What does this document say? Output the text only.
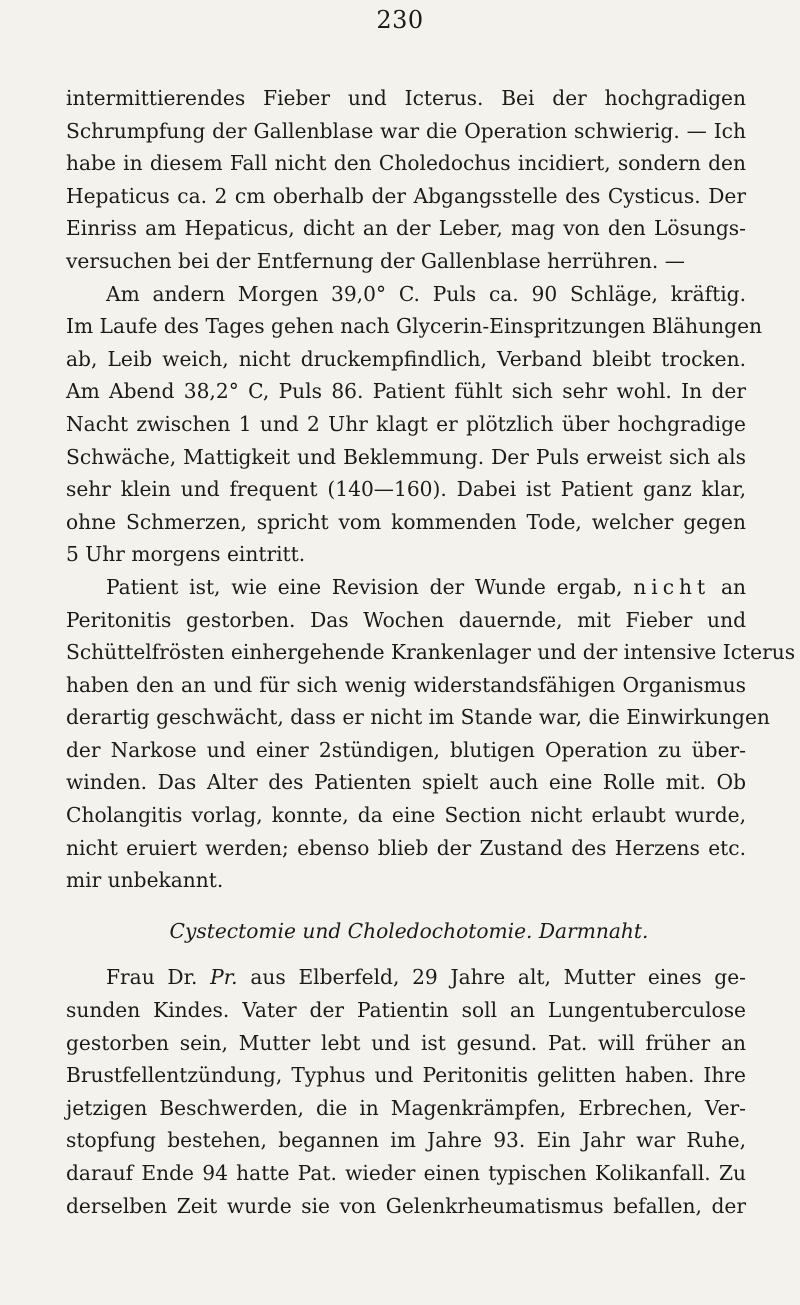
230
intermittierendes Fieber und Icterus. Bei der hochgradigen
Schrumpfung der Gallenblase war die Operation schwierig. — Ich
habe in diesem Fall nicht den Choledochus incidiert, sondern den
Hepaticus ca. 2 cm oberhalb der Abgangsstelle des Cysticus. Der
Einriss am Hepaticus, dicht an der Leber, mag von den Lösungs-
versuchen bei der Entfernung der Gallenblase herrühren. —
Am andern Morgen 39,0° C. Puls ca. 90 Schläge, kräftig.
Im Laufe des Tages gehen nach Glycerin-Einspritzungen Blähungen
ab, Leib weich, nicht druckempfindlich, Verband bleibt trocken.
Am Abend 38,2° C, Puls 86. Patient fühlt sich sehr wohl. In der
Nacht zwischen 1 und 2 Uhr klagt er plötzlich über hochgradige
Schwäche, Mattigkeit und Beklemmung. Der Puls erweist sich als
sehr klein und frequent (140—160). Dabei ist Patient ganz klar,
ohne Schmerzen, spricht vom kommenden Tode, welcher gegen
5 Uhr morgens eintritt.
Patient ist, wie eine Revision der Wunde ergab, nicht an
Peritonitis gestorben. Das Wochen dauernde, mit Fieber und
Schüttelfrösten einhergehende Krankenlager und der intensive Icterus
haben den an und für sich wenig widerstandsfähigen Organismus
derartig geschwächt, dass er nicht im Stande war, die Einwirkungen
der Narkose und einer 2stündigen, blutigen Operation zu über-
winden. Das Alter des Patienten spielt auch eine Rolle mit. Ob
Cholangitis vorlag, konnte, da eine Section nicht erlaubt wurde,
nicht eruiert werden; ebenso blieb der Zustand des Herzens etc.
mir unbekannt.
Cystectomie und Choledochotomie. Darmnaht.
Frau Dr. Pr. aus Elberfeld, 29 Jahre alt, Mutter eines ge-
sunden Kindes. Vater der Patientin soll an Lungentuberculose
gestorben sein, Mutter lebt und ist gesund. Pat. will früher an
Brustfellentzündung, Typhus und Peritonitis gelitten haben. Ihre
jetzigen Beschwerden, die in Magenkrämpfen, Erbrechen, Ver-
stopfung bestehen, begannen im Jahre 93. Ein Jahr war Ruhe,
darauf Ende 94 hatte Pat. wieder einen typischen Kolikanfall. Zu
derselben Zeit wurde sie von Gelenkrheumatismus befallen, der
